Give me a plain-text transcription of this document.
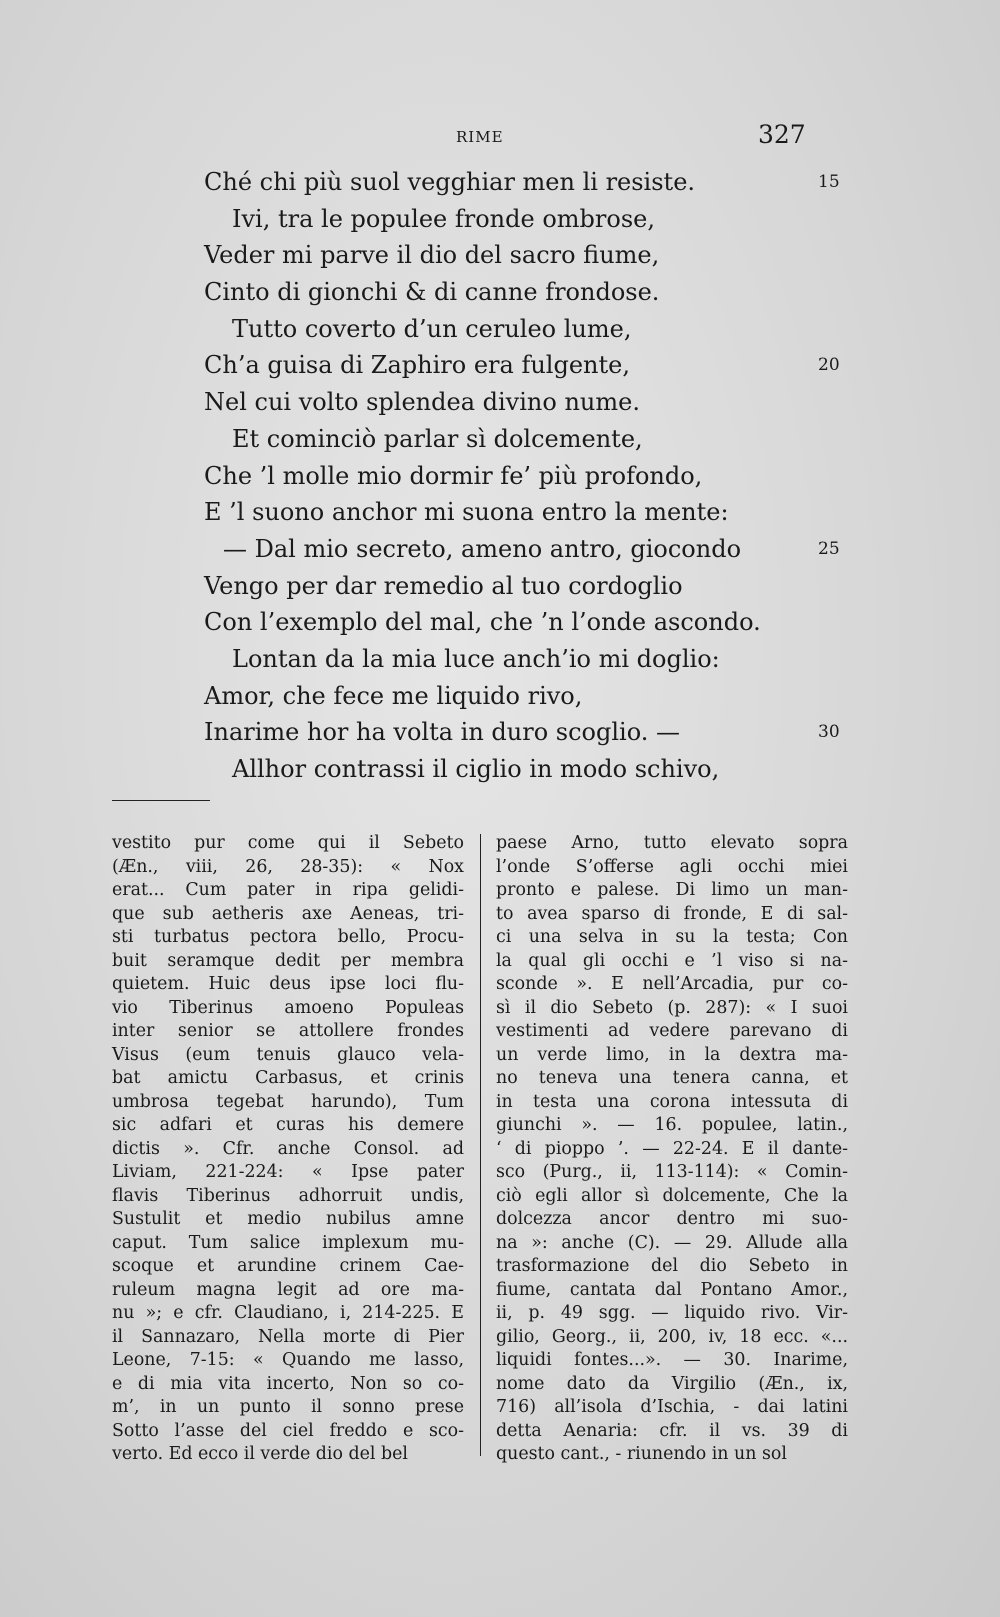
RIME	327
Ché chi più suol vegghiar men li resiste.	15
Ivi, tra le populee fronde ombrose,
Veder mi parve il dio del sacro fiume,
Cinto di gionchi & di canne frondose.
Tutto coverto d’un ceruleo lume,
Ch’a guisa di Zaphiro era fulgente,	20
Nel cui volto splendea divino nume.
Et cominciò parlar sì dolcemente,
Che ’l molle mio dormir fe’ più profondo,
E ’l suono anchor mi suona entro la mente:
— Dal mio secreto, ameno antro, giocondo	25
Vengo per dar remedio al tuo cordoglio
Con l’exemplo del mal, che ’n l’onde ascondo.
Lontan da la mia luce anch’io mi doglio:
Amor, che fece me liquido rivo,
Inarime hor ha volta in duro scoglio. —	30
Allhor contrassi il ciglio in modo schivo,
vestito pur come qui il Sebeto
(Æn., viii, 26, 28-35): « Nox
erat... Cum pater in ripa gelidi-
que sub aetheris axe Aeneas, tri-
sti turbatus pectora bello, Procu-
buit seramque dedit per membra
quietem. Huic deus ipse loci flu-
vio Tiberinus amoeno Populeas
inter senior se attollere frondes
Visus (eum tenuis glauco vela-
bat amictu Carbasus, et crinis
umbrosa tegebat harundo), Tum
sic adfari et curas his demere
dictis ». Cfr. anche Consol. ad
Liviam, 221-224: « Ipse pater
flavis Tiberinus adhorruit undis,
Sustulit et medio nubilus amne
caput. Tum salice implexum mu-
scoque et arundine crinem Cae-
ruleum magna legit ad ore ma-
nu »; e cfr. Claudiano, i, 214-225. E
il Sannazaro, Nella morte di Pier
Leone, 7-15: « Quando me lasso,
e di mia vita incerto, Non so co-
m’, in un punto il sonno prese
Sotto l’asse del ciel freddo e sco-
verto. Ed ecco il verde dio del bel
paese Arno, tutto elevato sopra
l’onde S’offerse agli occhi miei
pronto e palese. Di limo un man-
to avea sparso di fronde, E di sal-
ci una selva in su la testa; Con
la qual gli occhi e ’l viso si na-
sconde ». E nell’Arcadia, pur co-
sì il dio Sebeto (p. 287): « I suoi
vestimenti ad vedere parevano di
un verde limo, in la dextra ma-
no teneva una tenera canna, et
in testa una corona intessuta di
giunchi ». — 16. populee, latin.,
‘ di pioppo ’. — 22-24. E il dante-
sco (Purg., ii, 113-114): « Comin-
ciò egli allor sì dolcemente, Che la
dolcezza ancor dentro mi suo-
na »: anche (C). — 29. Allude alla
trasformazione del dio Sebeto in
fiume, cantata dal Pontano Amor.,
ii, p. 49 sgg. — liquido rivo. Vir-
gilio, Georg., ii, 200, iv, 18 ecc. «...
liquidi fontes...». — 30. Inarime,
nome dato da Virgilio (Æn., ix,
716) all’isola d’Ischia, - dai latini
detta Aenaria: cfr. il vs. 39 di
questo cant., - riunendo in un sol
